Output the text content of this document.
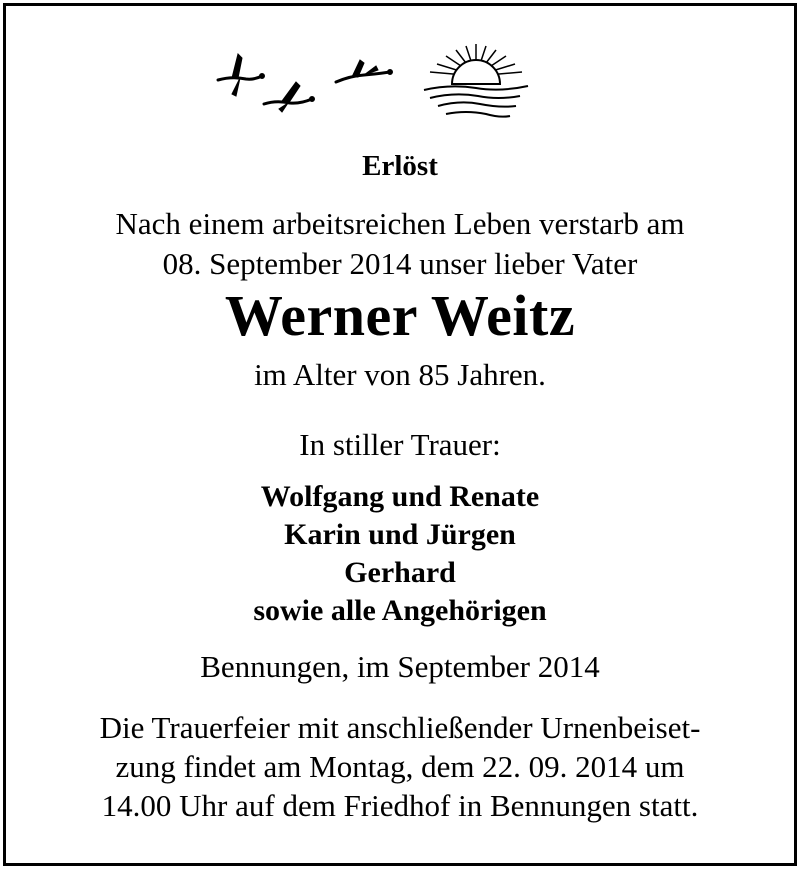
Erlöst
Nach einem arbeitsreichen Leben verstarb am
08. September 2014 unser lieber Vater
Werner Weitz
im Alter von 85 Jahren.
In stiller Trauer:
Wolfgang und Renate
Karin und Jürgen
Gerhard
sowie alle Angehörigen
Bennungen, im September 2014
Die Trauerfeier mit anschließender Urnenbeiset-
zung findet am Montag, dem 22. 09. 2014 um
14.00 Uhr auf dem Friedhof in Bennungen statt.
